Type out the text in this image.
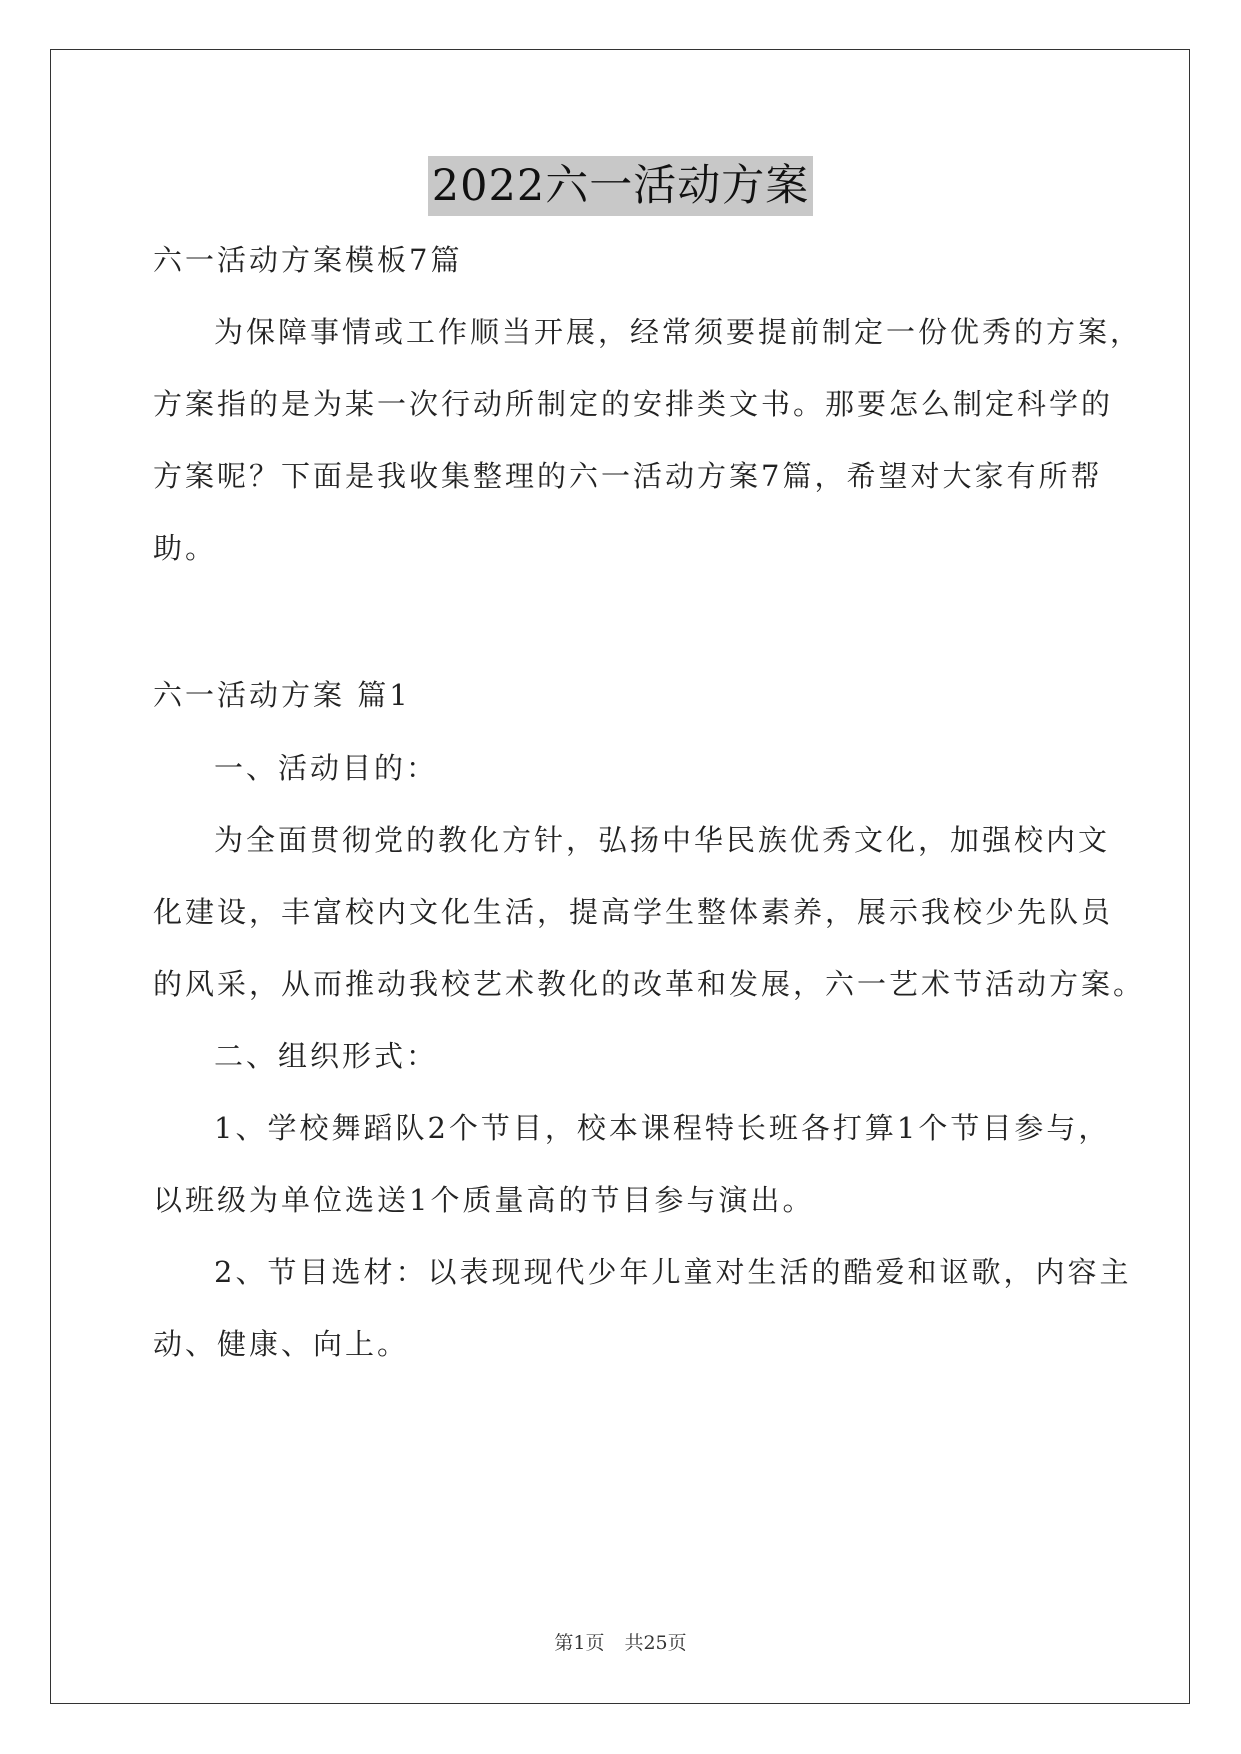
2022六一活动方案
六一活动方案模板7篇
为保障事情或工作顺当开展，经常须要提前制定一份优秀的方案，
方案指的是为某一次行动所制定的安排类文书。那要怎么制定科学的
方案呢？下面是我收集整理的六一活动方案7篇，希望对大家有所帮
助。
六一活动方案 篇1
一、活动目的：
为全面贯彻党的教化方针，弘扬中华民族优秀文化，加强校内文
化建设，丰富校内文化生活，提高学生整体素养，展示我校少先队员
的风采，从而推动我校艺术教化的改革和发展，六一艺术节活动方案。
二、组织形式：
1、学校舞蹈队2个节目，校本课程特长班各打算1个节目参与，
以班级为单位选送1个质量高的节目参与演出。
2、节目选材：以表现现代少年儿童对生活的酷爱和讴歌，内容主
动、健康、向上。
第1页 共25页
